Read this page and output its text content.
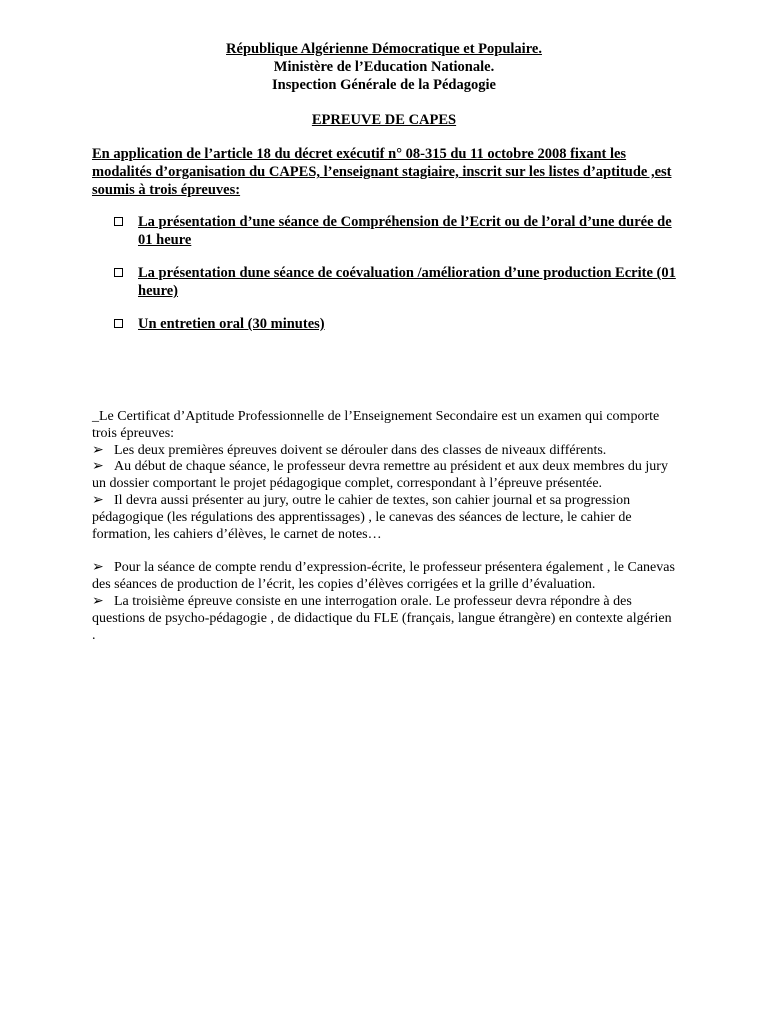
République Algérienne Démocratique et Populaire.
Ministère de l’Education Nationale.
Inspection Générale de la Pédagogie
EPREUVE DE CAPES
En application de l’article 18 du décret exécutif n° 08-315 du 11 octobre 2008 fixant les modalités d’organisation du CAPES, l’enseignant stagiaire, inscrit sur les listes d’aptitude ,est soumis à trois épreuves:
La présentation d’une séance de Compréhension de l’Ecrit ou de l’oral d’une durée de 01 heure
La présentation dune séance de coévaluation /amélioration d’une production Ecrite (01 heure)
Un entretien oral (30 minutes)

_Le Certificat d’Aptitude Professionnelle de l’Enseignement Secondaire est un examen qui comporte trois épreuves:

➢ Les deux premières épreuves doivent se dérouler dans des classes de niveaux différents.

➢ Au début de chaque séance, le professeur devra remettre au président et aux deux membres du jury un dossier comportant le projet pédagogique complet, correspondant à l’épreuve présentée.

➢ Il devra aussi présenter au jury, outre le cahier de textes, son cahier journal et sa progression pédagogique (les régulations des apprentissages) , le canevas des séances de lecture, le cahier de formation, les cahiers d’élèves, le carnet de notes…

➢ Pour la séance de compte rendu d’expression-écrite, le professeur présentera également , le Canevas des séances de production de l’écrit, les copies d’élèves corrigées et la grille d’évaluation.

➢ La troisième épreuve consiste en une interrogation orale. Le professeur devra répondre à des questions de psycho-pédagogie , de didactique du FLE (français, langue étrangère) en contexte algérien .
